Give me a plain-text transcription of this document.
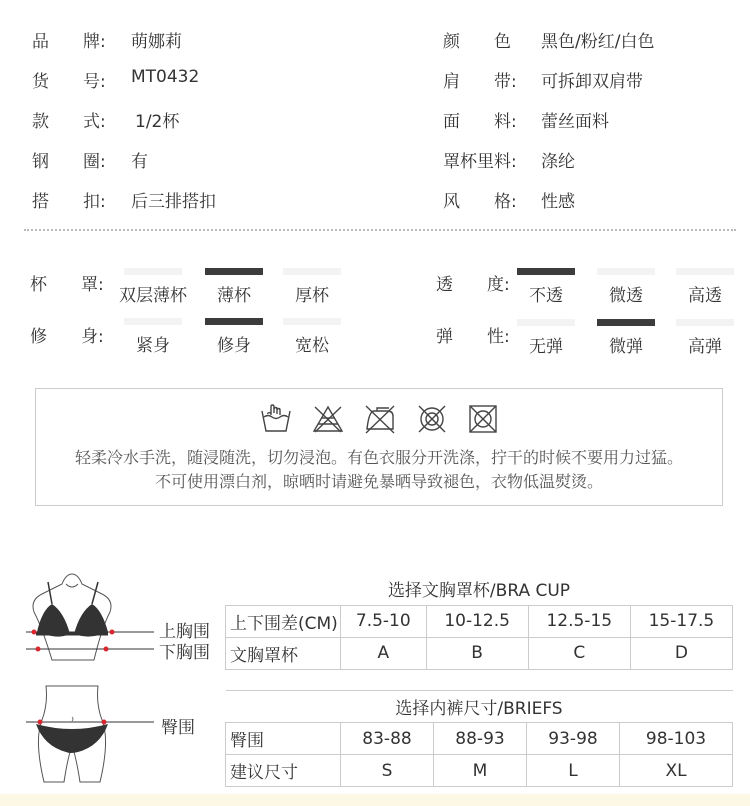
品　　牌: 萌娜莉
货　　号: MT0432
款　　式: 1/2杯
钢　　圈: 有
搭　　扣: 后三排搭扣
颜　　色 黑色/粉红/白色
肩　　带: 可拆卸双肩带
面　　料: 蕾丝面料
罩杯里料: 涤纶
风　　格: 性感
杯　　罩:
双层薄杯	薄杯	厚杯
修　　身:	紧身	修身	宽松
透　　度:
不透	微透	高透
弹　　性:	无弹	微弹	高弹

轻柔冷水手洗，随浸随洗，切勿浸泡。有色衣服分开洗涤，拧干的时候不要用力过猛。
不可使用漂白剂，晾晒时请避免暴晒导致褪色，衣物低温熨烫。
上胸围
下胸围
选择文胸罩杯/BRA CUP				
上下围差(CM)	7.5-10	10-12.5	12.5-15	15-17.5
文胸罩杯	A	B	C	D
臀围
选择内裤尺寸/BRIEFS				
臀围	83-88	88-93	93-98	98-103
建议尺寸	S	M	L	XL
